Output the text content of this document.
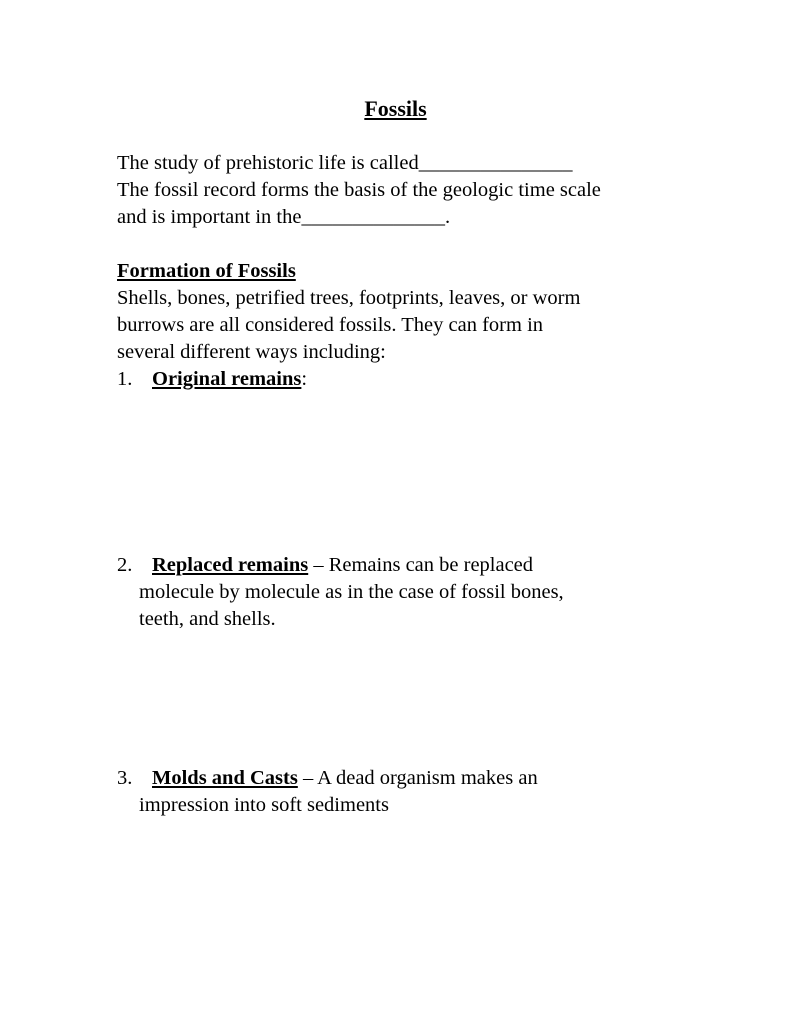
Fossils
The study of prehistoric life is called_______________
The fossil record forms the basis of the geologic time scale
and is important in the______________.
Formation of Fossils
Shells, bones, petrified trees, footprints, leaves, or worm
burrows are all considered fossils. They can form in
several different ways including:
1. Original remains:
2. Replaced remains – Remains can be replaced
molecule by molecule as in the case of fossil bones,
teeth, and shells.
3. Molds and Casts – A dead organism makes an
impression into soft sediments
